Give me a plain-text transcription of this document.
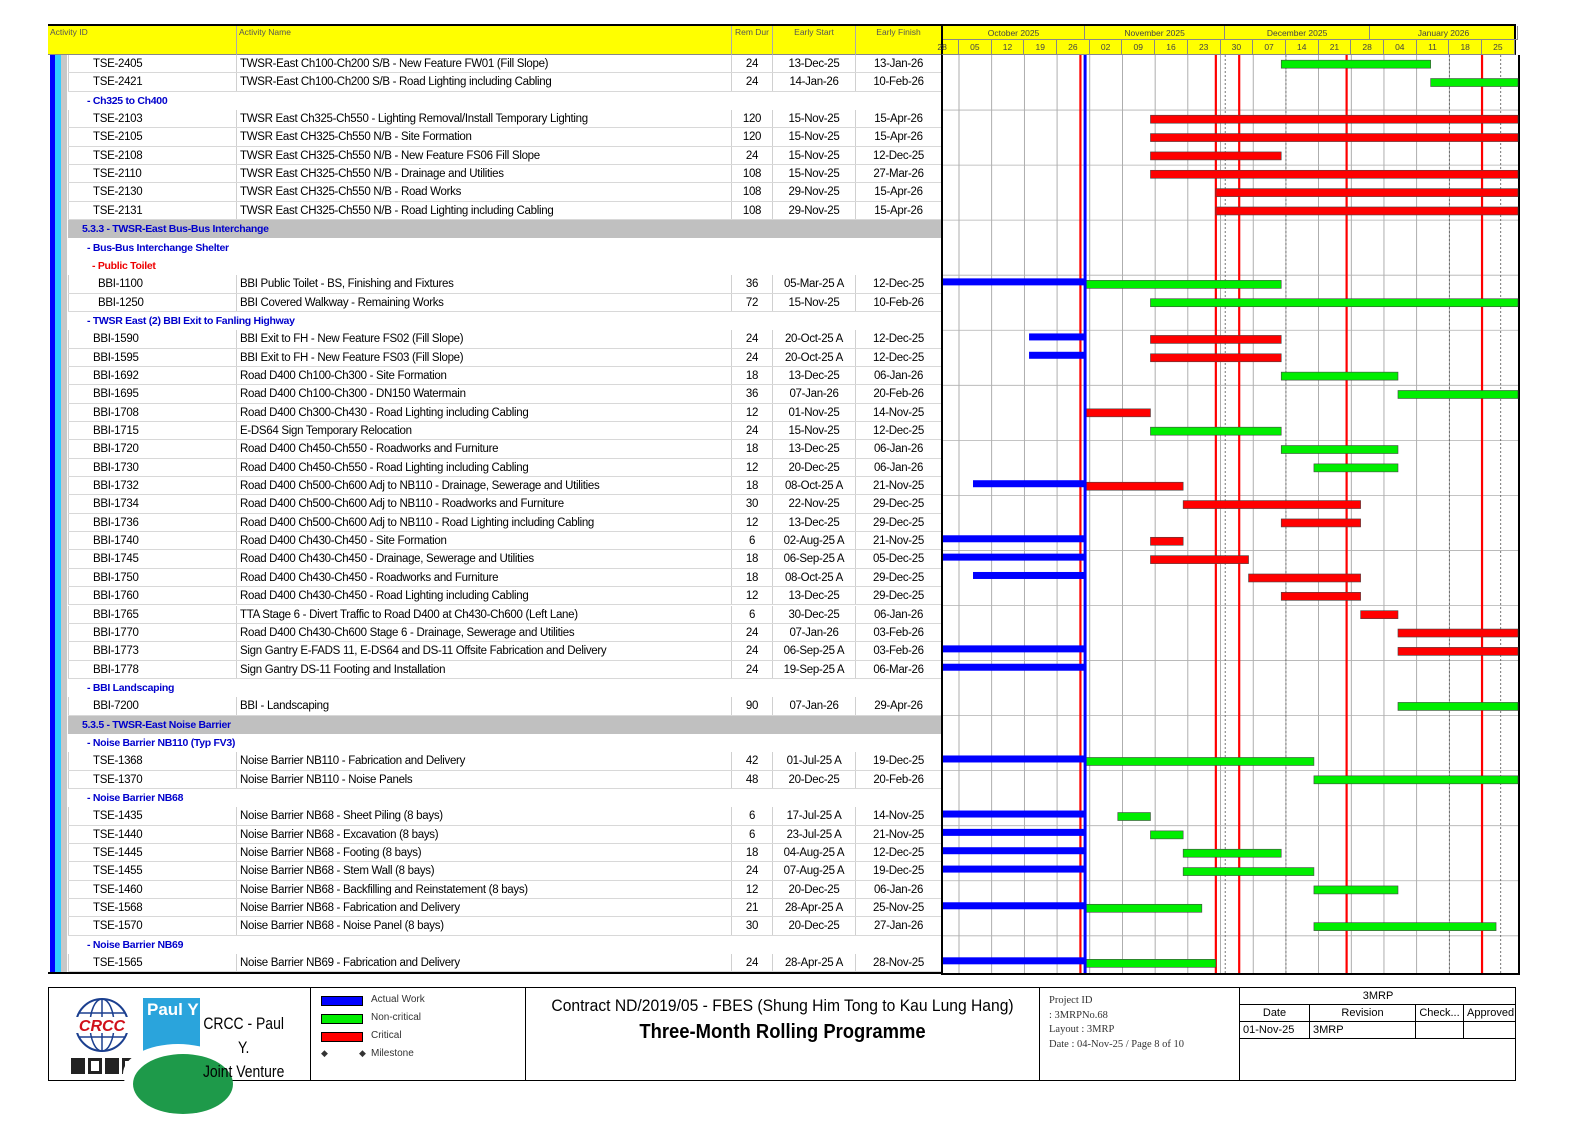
Activity ID	Activity Name	Rem Dur	Early Start	Early Finish	October 2025	November 2025	December 2025	January 2026
28	05	12	19	26	02	09	16	23	30	07	14	21	28	04	11	18	25
TSE-2405	TWSR-East Ch100-Ch200 S/B - New Feature FW01 (Fill Slope)	24	13-Dec-25	13-Jan-26
TSE-2421	TWSR-East Ch100-Ch200 S/B - Road Lighting including Cabling	24	14-Jan-26	10-Feb-26
- Ch325 to Ch400
TSE-2103	TWSR East Ch325-Ch550 - Lighting Removal/Install Temporary Lighting	120	15-Nov-25	15-Apr-26
TSE-2105	TWSR East CH325-Ch550 N/B - Site Formation	120	15-Nov-25	15-Apr-26
TSE-2108	TWSR East CH325-Ch550 N/B - New Feature FS06 Fill Slope	24	15-Nov-25	12-Dec-25
TSE-2110	TWSR East CH325-Ch550 N/B - Drainage and Utilities	108	15-Nov-25	27-Mar-26
TSE-2130	TWSR East CH325-Ch550 N/B - Road Works	108	29-Nov-25	15-Apr-26
TSE-2131	TWSR East CH325-Ch550 N/B - Road Lighting including Cabling	108	29-Nov-25	15-Apr-26
5.3.3 - TWSR-East Bus-Bus Interchange
- Bus-Bus Interchange Shelter
- Public Toilet
BBI-1100	BBI Public Toilet - BS, Finishing and Fixtures	36	05-Mar-25 A	12-Dec-25
BBI-1250	BBI Covered Walkway - Remaining Works	72	15-Nov-25	10-Feb-26
- TWSR East (2) BBI Exit to Fanling Highway
BBI-1590	BBI Exit to FH - New Feature FS02 (Fill Slope)	24	20-Oct-25 A	12-Dec-25
BBI-1595	BBI Exit to FH - New Feature FS03 (Fill Slope)	24	20-Oct-25 A	12-Dec-25
BBI-1692	Road D400 Ch100-Ch300 - Site Formation	18	13-Dec-25	06-Jan-26
BBI-1695	Road D400 Ch100-Ch300 - DN150 Watermain	36	07-Jan-26	20-Feb-26
BBI-1708	Road D400 Ch300-Ch430 - Road Lighting including Cabling	12	01-Nov-25	14-Nov-25
BBI-1715	E-DS64 Sign Temporary Relocation	24	15-Nov-25	12-Dec-25
BBI-1720	Road D400 Ch450-Ch550 - Roadworks and Furniture	18	13-Dec-25	06-Jan-26
BBI-1730	Road D400 Ch450-Ch550 - Road Lighting including Cabling	12	20-Dec-25	06-Jan-26
BBI-1732	Road D400 Ch500-Ch600 Adj to NB110 - Drainage, Sewerage and Utilities	18	08-Oct-25 A	21-Nov-25
BBI-1734	Road D400 Ch500-Ch600 Adj to NB110 - Roadworks and Furniture	30	22-Nov-25	29-Dec-25
BBI-1736	Road D400 Ch500-Ch600 Adj to NB110 - Road Lighting including Cabling	12	13-Dec-25	29-Dec-25
BBI-1740	Road D400 Ch430-Ch450 - Site Formation	6	02-Aug-25 A	21-Nov-25
BBI-1745	Road D400 Ch430-Ch450 - Drainage, Sewerage and Utilities	18	06-Sep-25 A	05-Dec-25
BBI-1750	Road D400 Ch430-Ch450 - Roadworks and Furniture	18	08-Oct-25 A	29-Dec-25
BBI-1760	Road D400 Ch430-Ch450 - Road Lighting including Cabling	12	13-Dec-25	29-Dec-25
BBI-1765	TTA Stage 6 - Divert Traffic to Road D400 at Ch430-Ch600 (Left Lane)	6	30-Dec-25	06-Jan-26
BBI-1770	Road D400 Ch430-Ch600 Stage 6 - Drainage, Sewerage and Utilities	24	07-Jan-26	03-Feb-26
BBI-1773	Sign Gantry E-FADS 11, E-DS64 and DS-11 Offsite Fabrication and Delivery	24	06-Sep-25 A	03-Feb-26
BBI-1778	Sign Gantry DS-11 Footing and Installation	24	19-Sep-25 A	06-Mar-26
- BBI Landscaping
BBI-7200	BBI - Landscaping	90	07-Jan-26	29-Apr-26
5.3.5 - TWSR-East Noise Barrier
- Noise Barrier NB110 (Typ FV3)
TSE-1368	Noise Barrier NB110 - Fabrication and Delivery	42	01-Jul-25 A	19-Dec-25
TSE-1370	Noise Barrier NB110 - Noise Panels	48	20-Dec-25	20-Feb-26
- Noise Barrier NB68
TSE-1435	Noise Barrier NB68 - Sheet Piling (8 bays)	6	17-Jul-25 A	14-Nov-25
TSE-1440	Noise Barrier NB68 - Excavation (8 bays)	6	23-Jul-25 A	21-Nov-25
TSE-1445	Noise Barrier NB68 - Footing (8 bays)	18	04-Aug-25 A	12-Dec-25
TSE-1455	Noise Barrier NB68 - Stem Wall (8 bays)	24	07-Aug-25 A	19-Dec-25
TSE-1460	Noise Barrier NB68 - Backfilling and Reinstatement (8 bays)	12	20-Dec-25	06-Jan-26
TSE-1568	Noise Barrier NB68 - Fabrication and Delivery	21	28-Apr-25 A	25-Nov-25
TSE-1570	Noise Barrier NB68 - Noise Panel (8 bays)	30	20-Dec-25	27-Jan-26
- Noise Barrier NB69
TSE-1565	Noise Barrier NB69 - Fabrication and Delivery	24	28-Apr-25 A	28-Nov-25
CRCC
Paul Y
CRCC - Paul Y.
Joint Venture
Actual Work
Non-critical
Critical
◆	◆ Milestone
Contract ND/2019/05 - FBES (Shung Him Tong to Kau Lung Hang)
Three-Month Rolling Programme
Project ID
: 3MRPNo.68
Layout : 3MRP
Date : 04-Nov-25 / Page 8 of 10
3MRP
Date	Revision	Check... Approved
01-Nov-25	3MRP
